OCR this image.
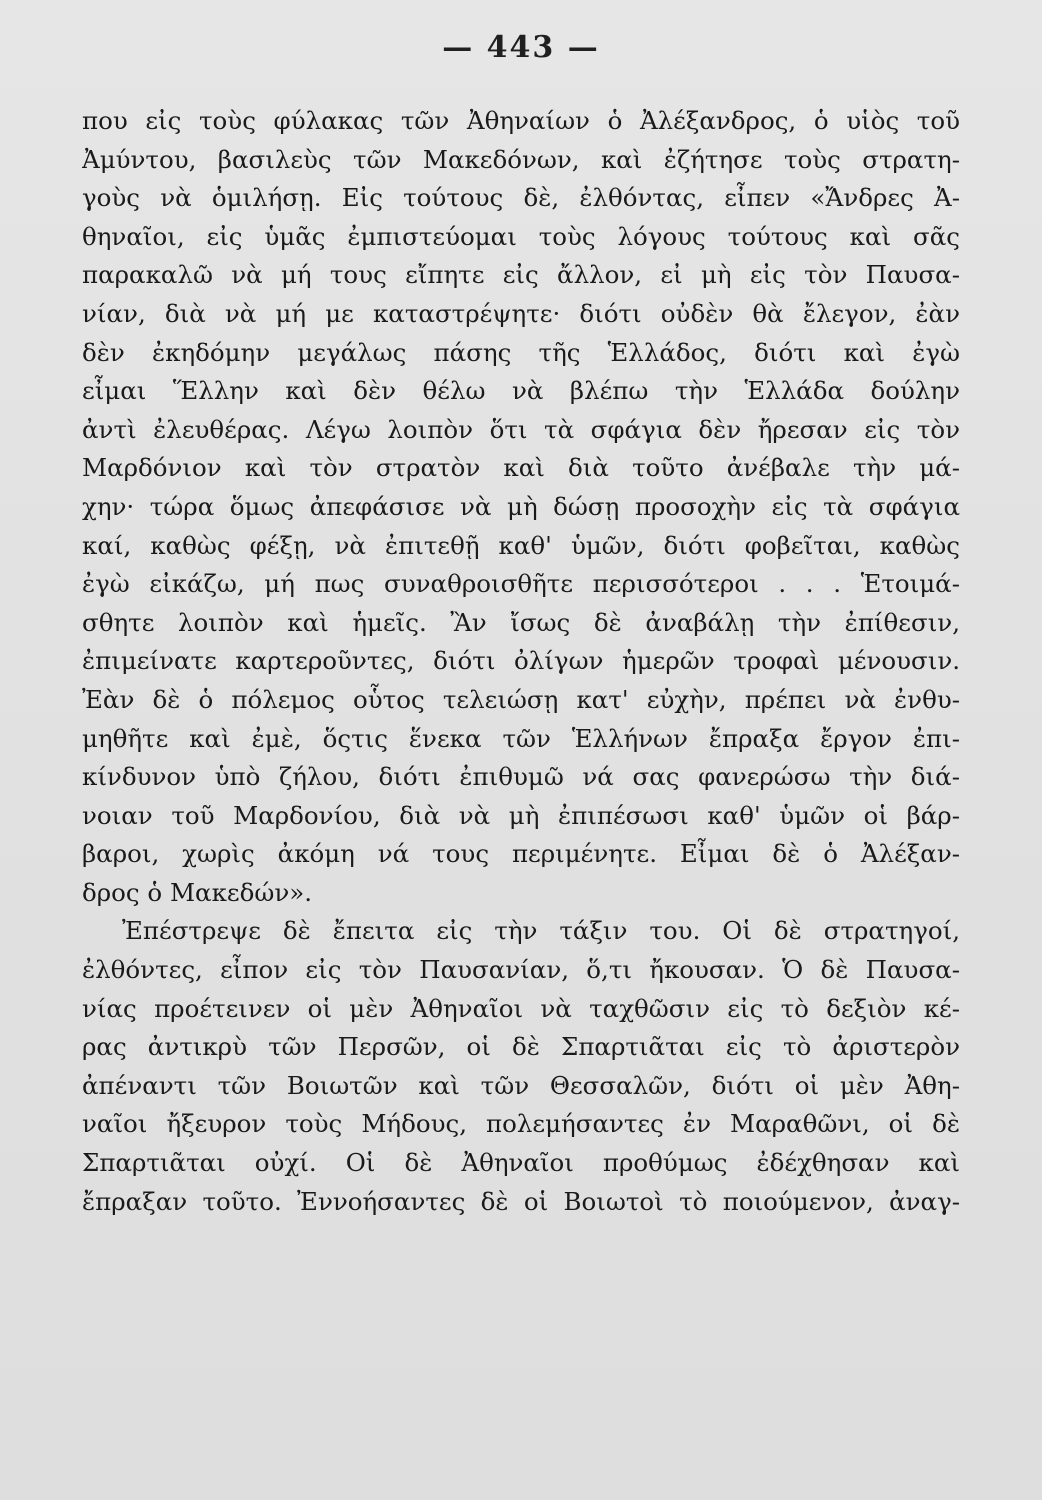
— 443 —
που εἰς τοὺς φύλακας τῶν Ἀθηναίων ὁ Ἀλέξανδρος, ὁ υἱὸς τοῦ
Ἀμύντου, βασιλεὺς τῶν Μακεδόνων, καὶ ἐζήτησε τοὺς στρατη-
γοὺς νὰ ὁμιλήσῃ. Εἰς τούτους δὲ, ἐλθόντας, εἶπεν «Ἄνδρες Ἀ-
θηναῖοι, εἰς ὑμᾶς ἐμπιστεύομαι τοὺς λόγους τούτους καὶ σᾶς
παρακαλῶ νὰ μή τους εἴπητε εἰς ἄλλον, εἰ μὴ εἰς τὸν Παυσα-
νίαν, διὰ νὰ μή με καταστρέψητε· διότι οὐδὲν θὰ ἔλεγον, ἐὰν
δὲν ἐκηδόμην μεγάλως πάσης τῆς Ἑλλάδος, διότι καὶ ἐγὼ
εἶμαι Ἕλλην καὶ δὲν θέλω νὰ βλέπω τὴν Ἑλλάδα δούλην
ἀντὶ ἐλευθέρας. Λέγω λοιπὸν ὅτι τὰ σφάγια δὲν ἤρεσαν εἰς τὸν
Μαρδόνιον καὶ τὸν στρατὸν καὶ διὰ τοῦτο ἀνέβαλε τὴν μά-
χην· τώρα ὅμως ἀπεφάσισε νὰ μὴ δώσῃ προσοχὴν εἰς τὰ σφάγια
καί, καθὼς φέξῃ, νὰ ἐπιτεθῇ καθ' ὑμῶν, διότι φοβεῖται, καθὼς
ἐγὼ εἰκάζω, μή πως συναθροισθῆτε περισσότεροι . . . Ἑτοιμά-
σθητε λοιπὸν καὶ ἡμεῖς. Ἂν ἴσως δὲ ἀναβάλῃ τὴν ἐπίθεσιν,
ἐπιμείνατε καρτεροῦντες, διότι ὀλίγων ἡμερῶν τροφαὶ μένουσιν.
Ἐὰν δὲ ὁ πόλεμος οὗτος τελειώσῃ κατ' εὐχὴν, πρέπει νὰ ἐνθυ-
μηθῆτε καὶ ἐμὲ, ὅςτις ἕνεκα τῶν Ἑλλήνων ἔπραξα ἔργον ἐπι-
κίνδυνον ὑπὸ ζήλου, διότι ἐπιθυμῶ νά σας φανερώσω τὴν διά-
νοιαν τοῦ Μαρδονίου, διὰ νὰ μὴ ἐπιπέσωσι καθ' ὑμῶν οἱ βάρ-
βαροι, χωρὶς ἀκόμη νά τους περιμένητε. Εἶμαι δὲ ὁ Ἀλέξαν-
δρος ὁ Μακεδών».
Ἐπέστρεψε δὲ ἔπειτα εἰς τὴν τάξιν του. Οἱ δὲ στρατηγοί,
ἐλθόντες, εἶπον εἰς τὸν Παυσανίαν, ὅ,τι ἤκουσαν. Ὁ δὲ Παυσα-
νίας προέτεινεν οἱ μὲν Ἀθηναῖοι νὰ ταχθῶσιν εἰς τὸ δεξιὸν κέ-
ρας ἀντικρὺ τῶν Περσῶν, οἱ δὲ Σπαρτιᾶται εἰς τὸ ἀριστερὸν
ἀπέναντι τῶν Βοιωτῶν καὶ τῶν Θεσσαλῶν, διότι οἱ μὲν Ἀθη-
ναῖοι ἤξευρον τοὺς Μήδους, πολεμήσαντες ἐν Μαραθῶνι, οἱ δὲ
Σπαρτιᾶται οὐχί. Οἱ δὲ Ἀθηναῖοι προθύμως ἐδέχθησαν καὶ
ἔπραξαν τοῦτο. Ἐννοήσαντες δὲ οἱ Βοιωτοὶ τὸ ποιούμενον, ἀναγ-
